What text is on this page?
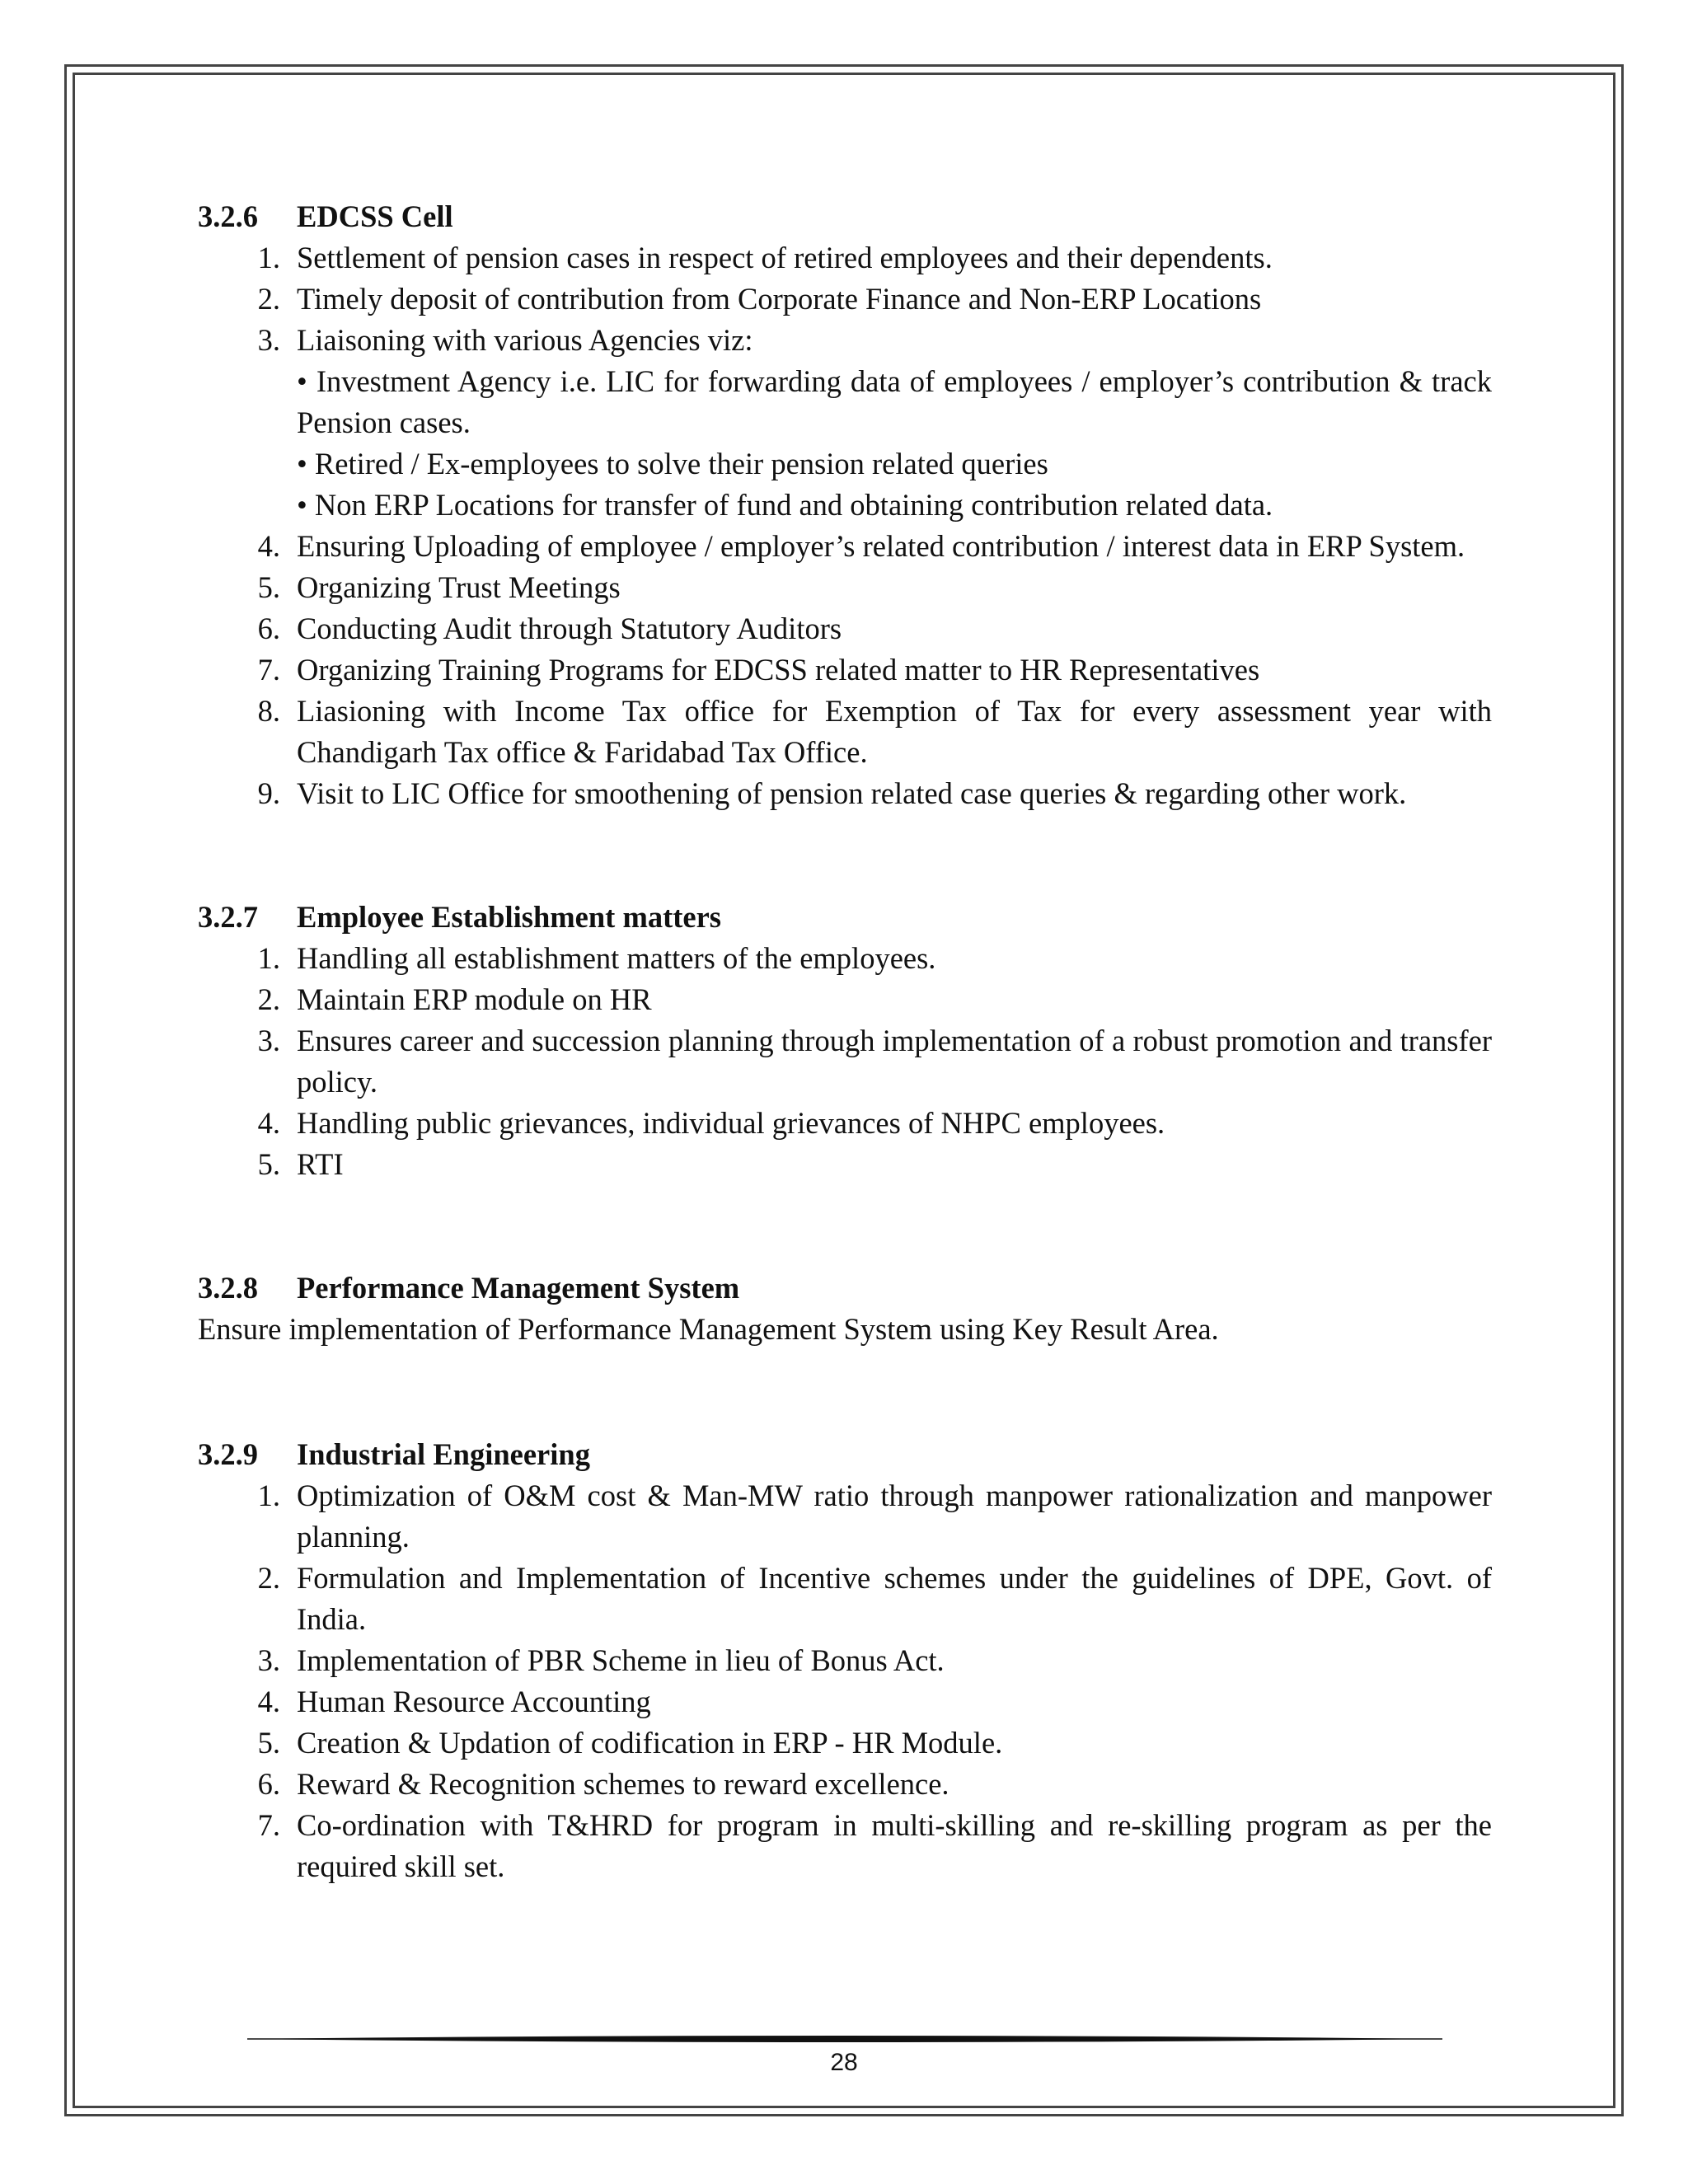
3.2.6	EDCSS Cell
1. Settlement of pension cases in respect of retired employees and their dependents.
2. Timely deposit of contribution from Corporate Finance and Non-ERP Locations
3. Liaisoning with various Agencies viz:
• Investment Agency i.e. LIC for forwarding data of employees / employer’s contribution & track Pension cases.
• Retired / Ex-employees to solve their pension related queries
• Non ERP Locations for transfer of fund and obtaining contribution related data.
4. Ensuring Uploading of employee / employer’s related contribution / interest data in ERP System.
5. Organizing Trust Meetings
6. Conducting Audit through Statutory Auditors
7. Organizing Training Programs for EDCSS related matter to HR Representatives
8. Liasioning with Income Tax office for Exemption of Tax for every assessment year with Chandigarh Tax office & Faridabad Tax Office.
9. Visit to LIC Office for smoothening of pension related case queries & regarding other work.
3.2.7	Employee Establishment matters
1. Handling all establishment matters of the employees.
2. Maintain ERP module on HR
3. Ensures career and succession planning through implementation of a robust promotion and transfer policy.
4. Handling public grievances, individual grievances of NHPC employees.
5. RTI
3.2.8	Performance Management System

Ensure implementation of Performance Management System using Key Result Area.

3.2.9	Industrial Engineering
1. Optimization of O&M cost & Man-MW ratio through manpower rationalization and manpower planning.
2. Formulation and Implementation of Incentive schemes under the guidelines of DPE, Govt. of India.
3. Implementation of PBR Scheme in lieu of Bonus Act.
4. Human Resource Accounting
5. Creation & Updation of codification in ERP - HR Module.
6. Reward & Recognition schemes to reward excellence.
7. Co-ordination with T&HRD for program in multi-skilling and re-skilling program as per the required skill set.
28
